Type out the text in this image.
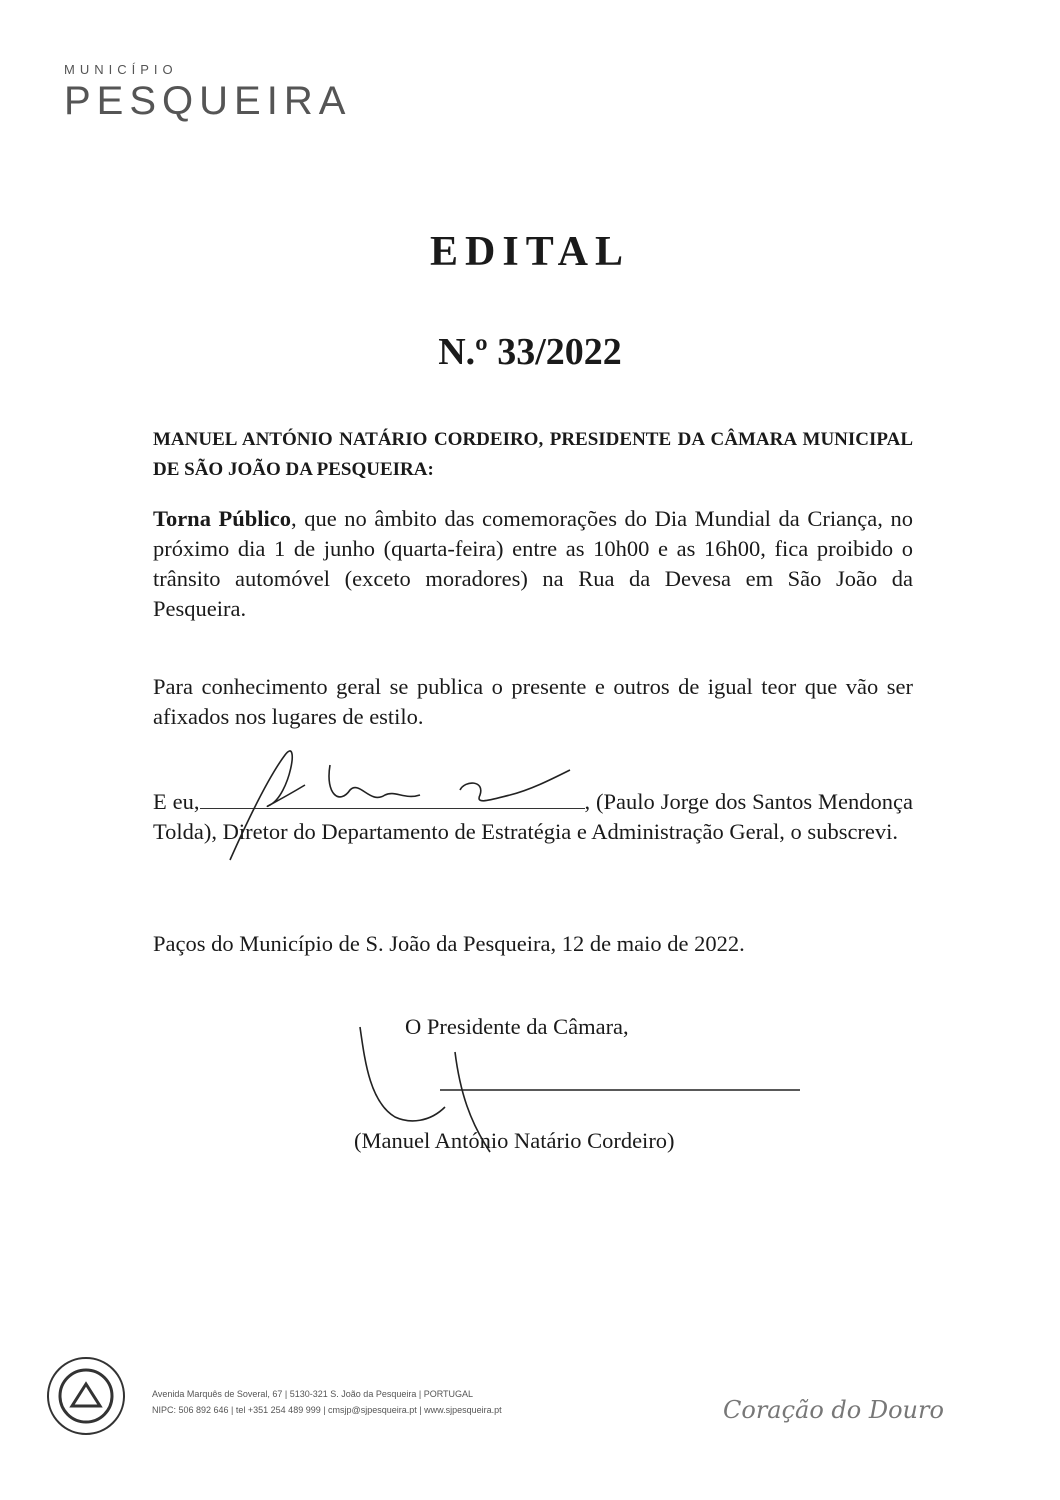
MUNICÍPIO
PESQUEIRA
EDITAL
N.º 33/2022
MANUEL ANTÓNIO NATÁRIO CORDEIRO, PRESIDENTE DA CÂMARA MUNICIPAL DE SÃO JOÃO DA PESQUEIRA:
Torna Público, que no âmbito das comemorações do Dia Mundial da Criança, no próximo dia 1 de junho (quarta-feira) entre as 10h00 e as 16h00, fica proibido o trânsito automóvel (exceto moradores) na Rua da Devesa em São João da Pesqueira.
Para conhecimento geral se publica o presente e outros de igual teor que vão ser afixados nos lugares de estilo.
E eu,	, (Paulo Jorge dos Santos Mendonça Tolda), Diretor do Departamento de Estratégia e Administração Geral, o subscrevi.
Paços do Município de S. João da Pesqueira, 12 de maio de 2022.
O Presidente da Câmara,
(Manuel António Natário Cordeiro)
Avenida Marquês de Soveral, 67 | 5130-321 S. João da Pesqueira | PORTUGAL
NIPC: 506 892 646 | tel +351 254 489 999 | cmsjp@sjpesqueira.pt | www.sjpesqueira.pt	Coração do Douro
